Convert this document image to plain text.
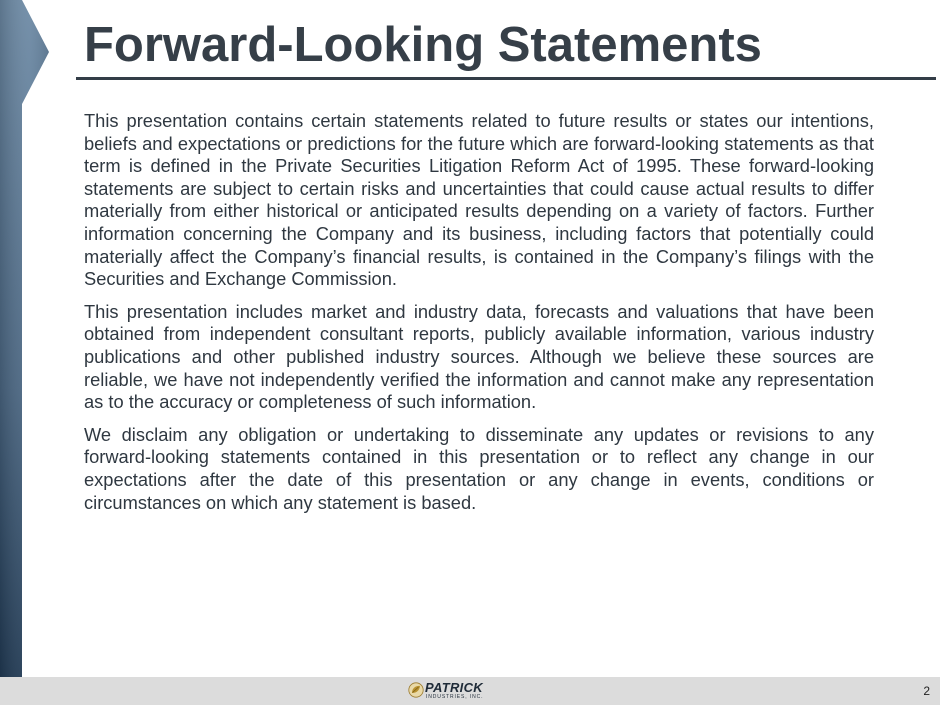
Forward-Looking Statements

This presentation contains certain statements related to future results or states our intentions, beliefs and expectations or predictions for the future which are forward-looking statements as that term is defined in the Private Securities Litigation Reform Act of 1995. These forward-looking statements are subject to certain risks and uncertainties that could cause actual results to differ materially from either historical or anticipated results depending on a variety of factors. Further information concerning the Company and its business, including factors that potentially could materially affect the Company’s financial results, is contained in the Company’s filings with the Securities and Exchange Commission.

This presentation includes market and industry data, forecasts and valuations that have been obtained from independent consultant reports, publicly available information, various industry publications and other published industry sources. Although we believe these sources are reliable, we have not independently verified the information and cannot make any representation as to the accuracy or completeness of such information.

We disclaim any obligation or undertaking to disseminate any updates or revisions to any forward-looking statements contained in this presentation or to reflect any change in our expectations after the date of this presentation or any change in events, conditions or circumstances on which any statement is based.

PATRICK
INDUSTRIES, INC.	2
